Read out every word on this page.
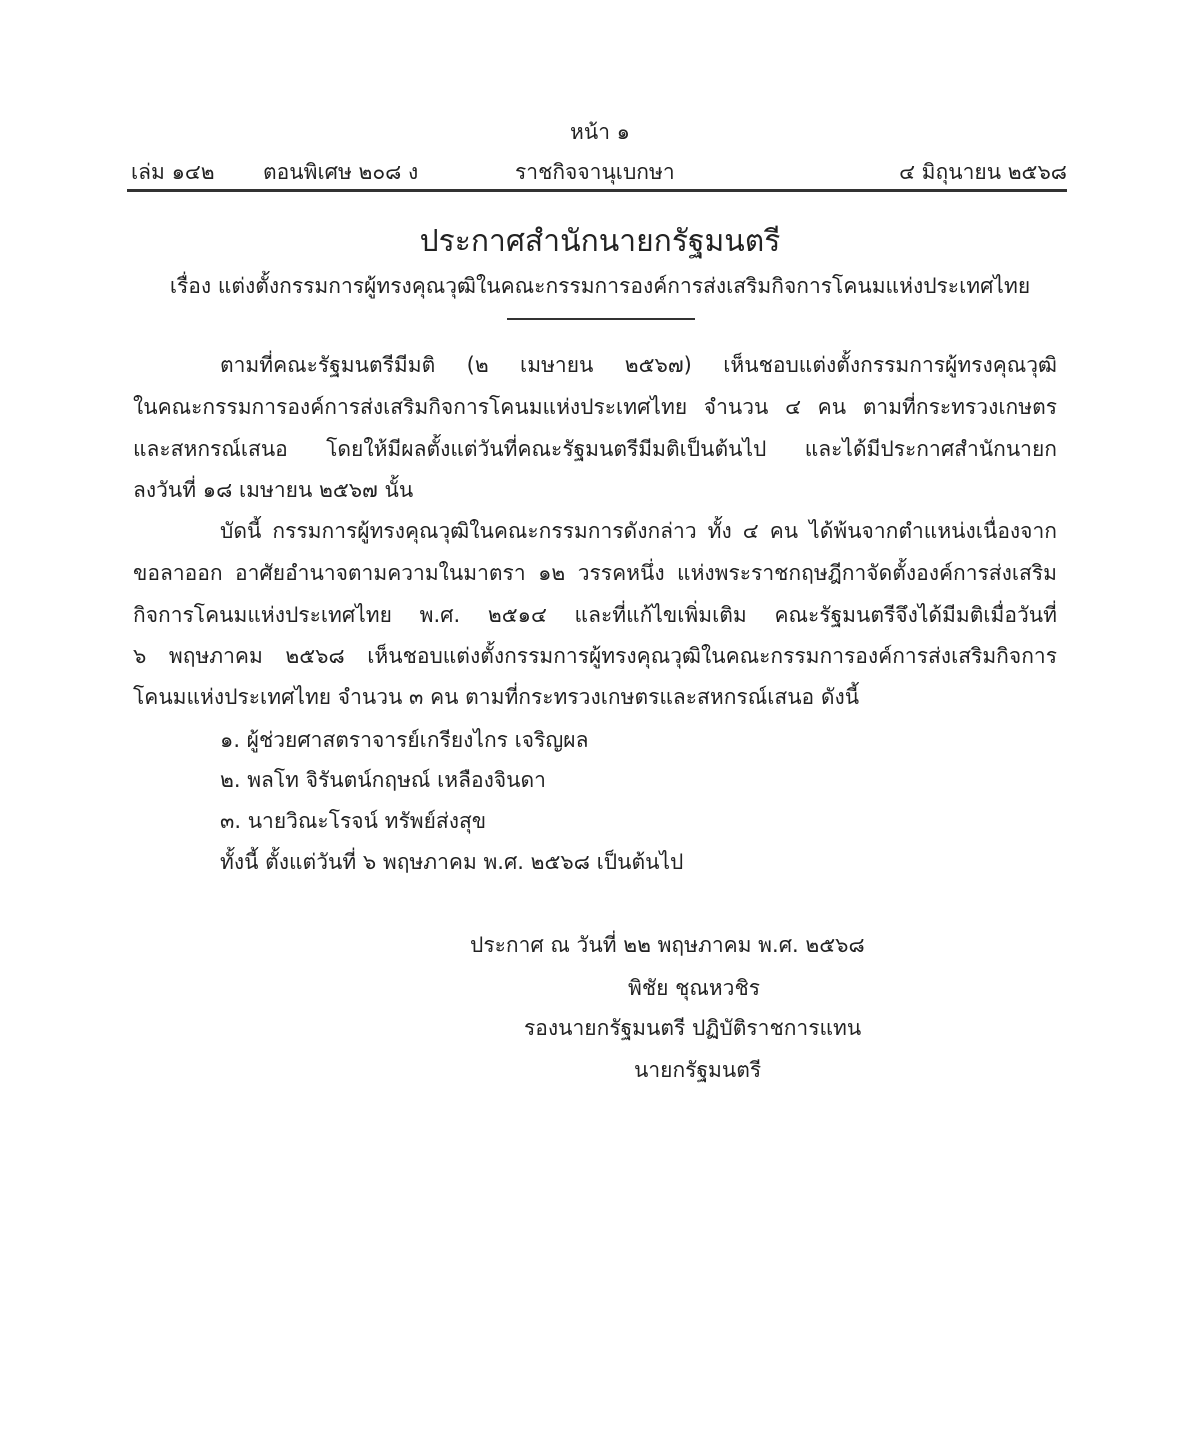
หน้า ๑
เล่ม ๑๔๒ ตอนพิเศษ ๒๐๘ ง	ราชกิจจานุเบกษา	๔ มิถุนายน ๒๕๖๘
ประกาศสำนักนายกรัฐมนตรี
เรื่อง แต่งตั้งกรรมการผู้ทรงคุณวุฒิในคณะกรรมการองค์การส่งเสริมกิจการโคนมแห่งประเทศไทย
ตามที่คณะรัฐมนตรีมีมติ (๒ เมษายน ๒๕๖๗) เห็นชอบแต่งตั้งกรรมการผู้ทรงคุณวุฒิ
ในคณะกรรมการองค์การส่งเสริมกิจการโคนมแห่งประเทศไทย จำนวน ๔ คน ตามที่กระทรวงเกษตร
และสหกรณ์เสนอ โดยให้มีผลตั้งแต่วันที่คณะรัฐมนตรีมีมติเป็นต้นไป และได้มีประกาศสำนักนายก
ลงวันที่ ๑๘ เมษายน ๒๕๖๗ นั้น
บัดนี้ กรรมการผู้ทรงคุณวุฒิในคณะกรรมการดังกล่าว ทั้ง ๔ คน ได้พ้นจากตำแหน่งเนื่องจาก
ขอลาออก อาศัยอำนาจตามความในมาตรา ๑๒ วรรคหนึ่ง แห่งพระราชกฤษฎีกาจัดตั้งองค์การส่งเสริม
กิจการโคนมแห่งประเทศไทย พ.ศ. ๒๕๑๔ และที่แก้ไขเพิ่มเติม คณะรัฐมนตรีจึงได้มีมติเมื่อวันที่
๖ พฤษภาคม ๒๕๖๘ เห็นชอบแต่งตั้งกรรมการผู้ทรงคุณวุฒิในคณะกรรมการองค์การส่งเสริมกิจการ
โคนมแห่งประเทศไทย จำนวน ๓ คน ตามที่กระทรวงเกษตรและสหกรณ์เสนอ ดังนี้
๑. ผู้ช่วยศาสตราจารย์เกรียงไกร เจริญผล
๒. พลโท จิรันตน์กฤษณ์ เหลืองจินดา
๓. นายวิณะโรจน์ ทรัพย์ส่งสุข
ทั้งนี้ ตั้งแต่วันที่ ๖ พฤษภาคม พ.ศ. ๒๕๖๘ เป็นต้นไป
ประกาศ ณ วันที่ ๒๒ พฤษภาคม พ.ศ. ๒๕๖๘
พิชัย ชุณหวชิร
รองนายกรัฐมนตรี ปฏิบัติราชการแทน
นายกรัฐมนตรี
